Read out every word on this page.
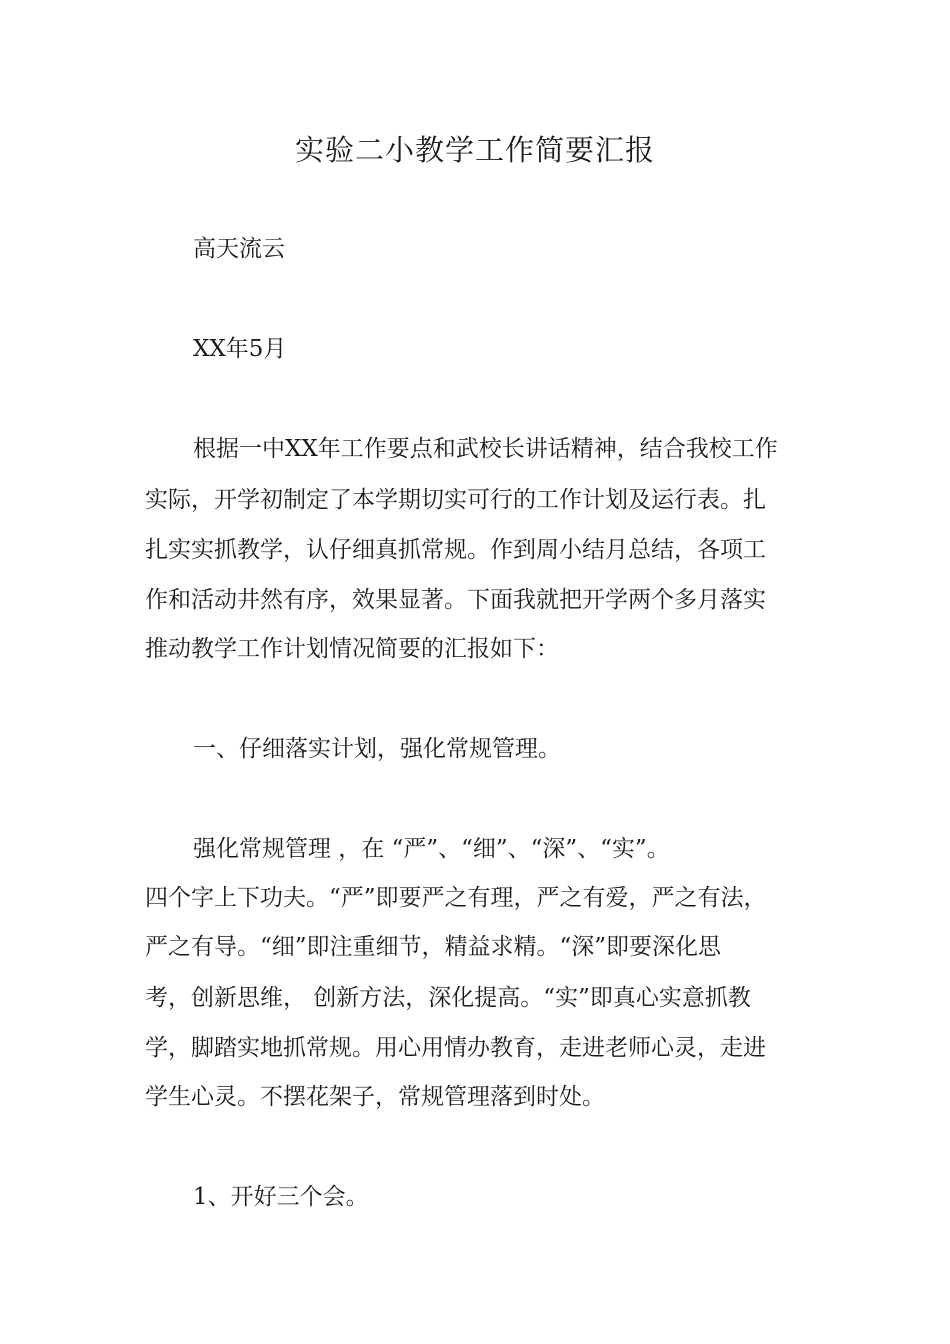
实验二小教学工作简要汇报
高天流云
XX年5月
根据一中XX年工作要点和武校长讲话精神，结合我校工作
实际，开学初制定了本学期切实可行的工作计划及运行表。扎
扎实实抓教学，认仔细真抓常规。作到周小结月总结，各项工
作和活动井然有序，效果显著。下面我就把开学两个多月落实
推动教学工作计划情况简要的汇报如下：
一、仔细落实计划，强化常规管理。
强化常规管理 ，在 “严”、“细”、“深”、“实”。
四个字上下功夫。“严”即要严之有理，严之有爱，严之有法，
严之有导。“细”即注重细节，精益求精。“深”即要深化思
考，创新思维， 创新方法，深化提高。“实”即真心实意抓教
学，脚踏实地抓常规。用心用情办教育，走进老师心灵，走进
学生心灵。不摆花架子，常规管理落到时处。
1、开好三个会。
